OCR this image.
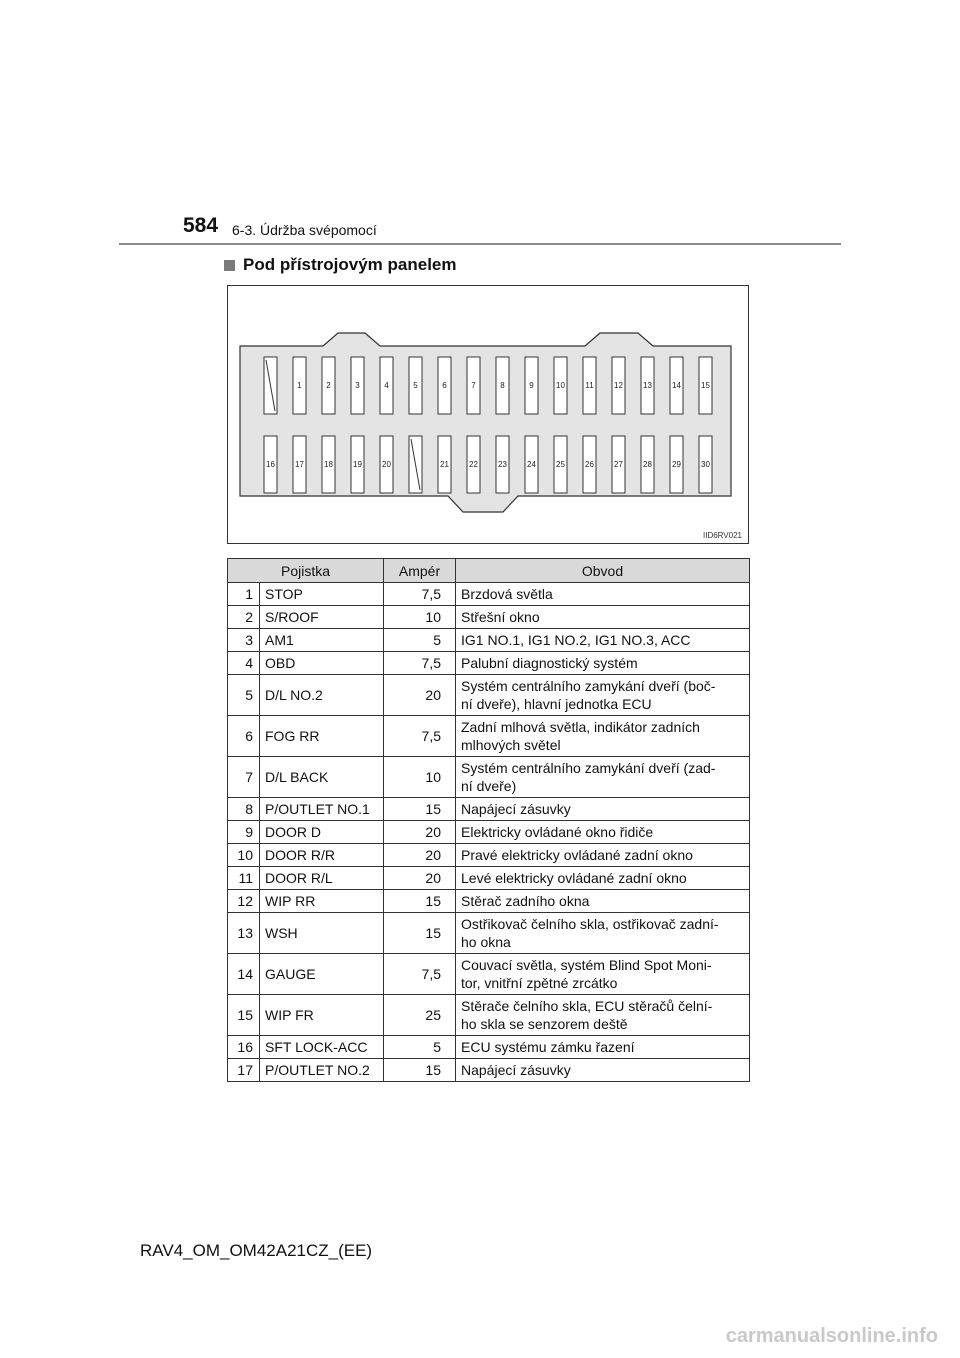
584 6-3. Údržba svépomocí
Pod přístrojovým panelem
1	2	3	4	5	6	7	8	9	10	11	12	13	14	15
16	17	18	19	20	21	22	23	24	25	26	27	28	29	30
IID6RV021
Pojistka		Ampér	Obvod
1	STOP	7,5	Brzdová světla
2	S/ROOF	10	Střešní okno
3	AM1	5	IG1 NO.1, IG1 NO.2, IG1 NO.3, ACC
4	OBD	7,5	Palubní diagnostický systém
5	D/L NO.2	20	Systém centrálního zamykání dveří (boč-
ní dveře), hlavní jednotka ECU
6	FOG RR	7,5	Zadní mlhová světla, indikátor zadních
mlhových světel
7	D/L BACK	10	Systém centrálního zamykání dveří (zad-
ní dveře)
8	P/OUTLET NO.1	15	Napájecí zásuvky
9	DOOR D	20	Elektricky ovládané okno řidiče
10	DOOR R/R	20	Pravé elektricky ovládané zadní okno
11	DOOR R/L	20	Levé elektricky ovládané zadní okno
12	WIP RR	15	Stěrač zadního okna
13	WSH	15	Ostřikovač čelního skla, ostřikovač zadní-
ho okna
14	GAUGE	7,5	Couvací světla, systém Blind Spot Moni-
tor, vnitřní zpětné zrcátko
15	WIP FR	25	Stěrače čelního skla, ECU stěračů čelní-
ho skla se senzorem deště
16	SFT LOCK-ACC	5	ECU systému zámku řazení
17	P/OUTLET NO.2	15	Napájecí zásuvky
RAV4_OM_OM42A21CZ_(EE)
carmanualsonline.info
